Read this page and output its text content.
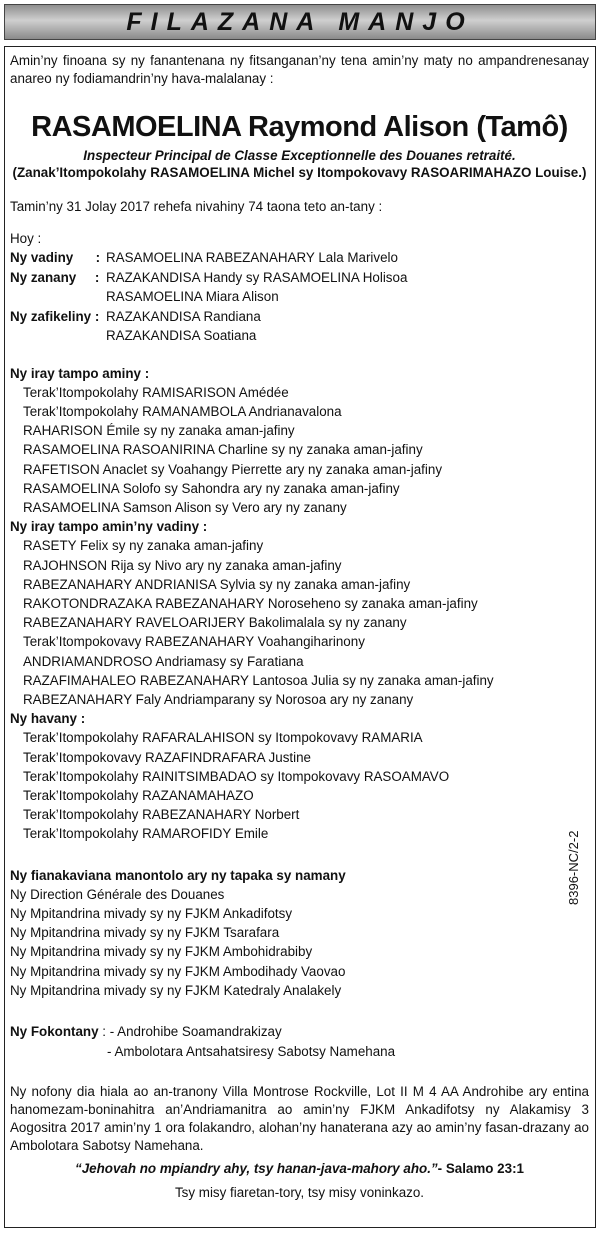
FILAZANA MANJO
Amin’ny finoana sy ny fanantenana ny fitsanganan’ny tena amin’ny maty no ampandrenesanay anareo ny fodiamandrin’ny hava-malalanay :
RASAMOELINA Raymond Alison (Tamô)
Inspecteur Principal de Classe Exceptionnelle des Douanes retraité.
(Zanak’Itompokolahy RASAMOELINA Michel sy Itompokovavy RASOARIMAHAZO Louise.)
Tamin’ny 31 Jolay 2017 rehefa nivahiny 74 taona teto an-tany :
Hoy :
Ny vadiny      : RASAMOELINA RABEZANAHARY Lala Marivelo
Ny zanany     : RAZAKANDISA Handy sy RASAMOELINA Holisoa
RASAMOELINA Miara Alison
Ny zafikeliny : RAZAKANDISA Randiana
RAZAKANDISA Soatiana
Ny iray tampo aminy :
Terak’Itompokolahy RAMISARISON Amédée
Terak’Itompokolahy RAMANAMBOLA Andrianavalona
RAHARISON Émile sy ny zanaka aman-jafiny
RASAMOELINA RASOANIRINA Charline sy ny zanaka aman-jafiny
RAFETISON Anaclet sy Voahangy Pierrette ary ny zanaka aman-jafiny
RASAMOELINA Solofo sy Sahondra ary ny zanaka aman-jafiny
RASAMOELINA Samson Alison sy Vero ary ny zanany
Ny iray tampo amin’ny vadiny :
RASETY Felix sy ny zanaka aman-jafiny
RAJOHNSON Rija sy Nivo ary ny zanaka aman-jafiny
RABEZANAHARY ANDRIANISA Sylvia sy ny zanaka aman-jafiny
RAKOTONDRAZAKA RABEZANAHARY Noroseheno sy zanaka aman-jafiny
RABEZANAHARY RAVELOARIJERY Bakolimalala sy ny zanany
Terak’Itompokovavy RABEZANAHARY Voahangiharinony
ANDRIAMANDROSO Andriamasy sy Faratiana
RAZAFIMAHALEO RABEZANAHARY Lantosoa Julia sy ny zanaka aman-jafiny
RABEZANAHARY Faly Andriamparany sy Norosoa ary ny zanany
Ny havany :
Terak’Itompokolahy RAFARALAHISON sy Itompokovavy RAMARIA
Terak’Itompokovavy RAZAFINDRAFARA Justine
Terak’Itompokolahy RAINITSIMBADAO sy Itompokovavy RASOAMAVO
Terak’Itompokolahy RAZANAMAHAZO
Terak’Itompokolahy RABEZANAHARY Norbert
Terak’Itompokolahy RAMAROFIDY Emile
Ny fianakaviana manontolo ary ny tapaka sy namany
Ny Direction Générale des Douanes
Ny Mpitandrina mivady sy ny FJKM Ankadifotsy
Ny Mpitandrina mivady sy ny FJKM Tsarafara
Ny Mpitandrina mivady sy ny FJKM Ambohidrabiby
Ny Mpitandrina mivady sy ny FJKM Ambodihady Vaovao
Ny Mpitandrina mivady sy ny FJKM Katedraly Analakely
Ny Fokontany : - Androhibe Soamandrakizay
- Ambolotara Antsahatsiresy Sabotsy Namehana
Ny nofony dia hiala ao an-tranony Villa Montrose Rockville, Lot II M 4 AA Androhibe ary entina hanomezam-boninahitra an’Andriamanitra ao amin’ny FJKM Ankadifotsy ny Alakamisy 3 Aogositra 2017 amin’ny 1 ora folakandro, alohan’ny hanaterana azy ao amin’ny fasan-drazany ao Ambolotara Sabotsy Namehana.
“Jehovah no mpiandry ahy, tsy hanan-java-mahory aho.”- Salamo 23:1
Tsy misy fiaretan-tory, tsy misy voninkazo.
8396-NC/2-2
